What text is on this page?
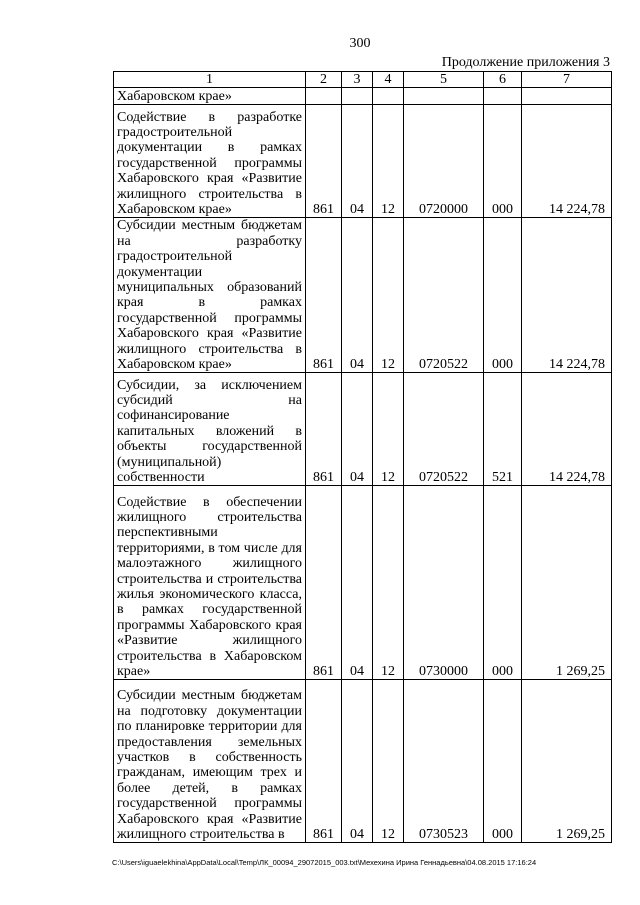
300
Продолжение приложения 3
1	2	3	4	5	6	7
Хабаровском крае»						
Содействие в разработке градостроительной документации в рамках государственной программы Хабаровского края «Развитие жилищного строительства в Хабаровском крае»	861	04	12	0720000	000	14 224,78
Субсидии местным бюджетам на разработку градостроительной документации муниципальных образований края в рамках государственной программы Хабаровского края «Развитие жилищного строительства в Хабаровском крае»	861	04	12	0720522	000	14 224,78
Субсидии, за исключением субсидий на софинансирование капитальных вложений в объекты государственной (муниципальной) собственности	861	04	12	0720522	521	14 224,78
Содействие в обеспечении жилищного строительства перспективными территориями, в том числе для малоэтажного жилищного строительства и строительства жилья экономического класса, в рамках государственной программы Хабаровского края «Развитие жилищного строительства в Хабаровском крае»	861	04	12	0730000	000	1 269,25
Субсидии местным бюджетам на подготовку документации по планировке территории для предоставления земельных участков в собственность гражданам, имеющим трех и более детей, в рамках государственной программы Хабаровского края «Развитие жилищного строительства в	861	04	12	0730523	000	1 269,25
C:\Users\iguaelekhina\AppData\Local\Temp\ЛК_00094_29072015_003.txt\Мехехина Ирина Геннадьевна\04.08.2015 17:16:24
